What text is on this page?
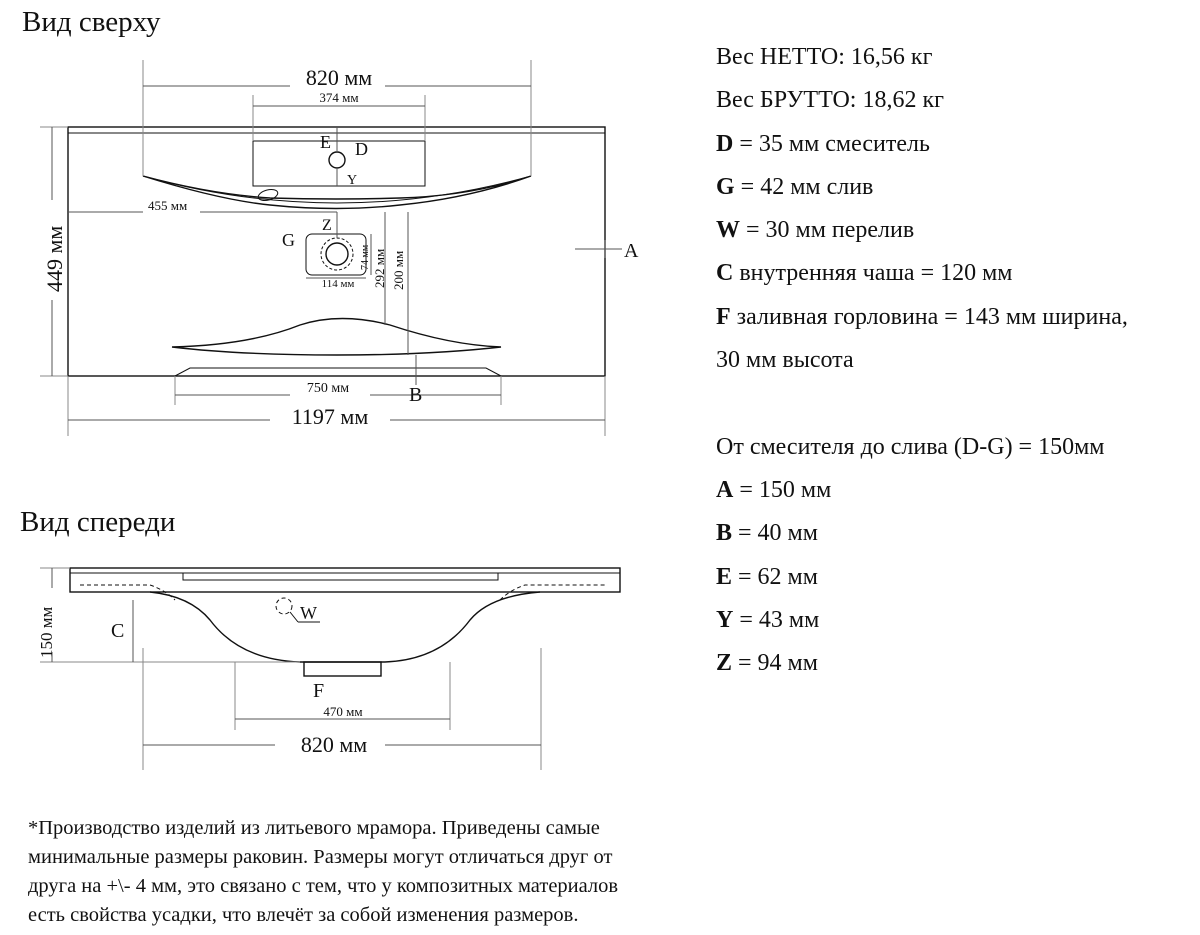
Вид сверху
Вид спереди
820 мм
374 мм
E D
Y
455 мм
Z
G
114 мм
74 мм 292 мм 200 мм
449 мм	A
750 мм	B
1197 мм
150 мм	C
W
F
470 мм
820 мм
Вес НЕТТО: 16,56 кг
Вес БРУТТО: 18,62 кг
D = 35 мм смеситель
G = 42 мм слив
W = 30 мм перелив
C внутренняя чаша = 120 мм
F заливная горловина = 143 мм ширина,
30 мм высота
От смесителя до слива (D-G) = 150мм
A = 150 мм
B = 40 мм
E = 62 мм
Y = 43 мм
Z = 94 мм
*Производство изделий из литьевого мрамора. Приведены самые
минимальные размеры раковин. Размеры могут отличаться друг от
друга на +\- 4 мм, это связано с тем, что у композитных материалов
есть свойства усадки, что влечёт за собой изменения размеров.
